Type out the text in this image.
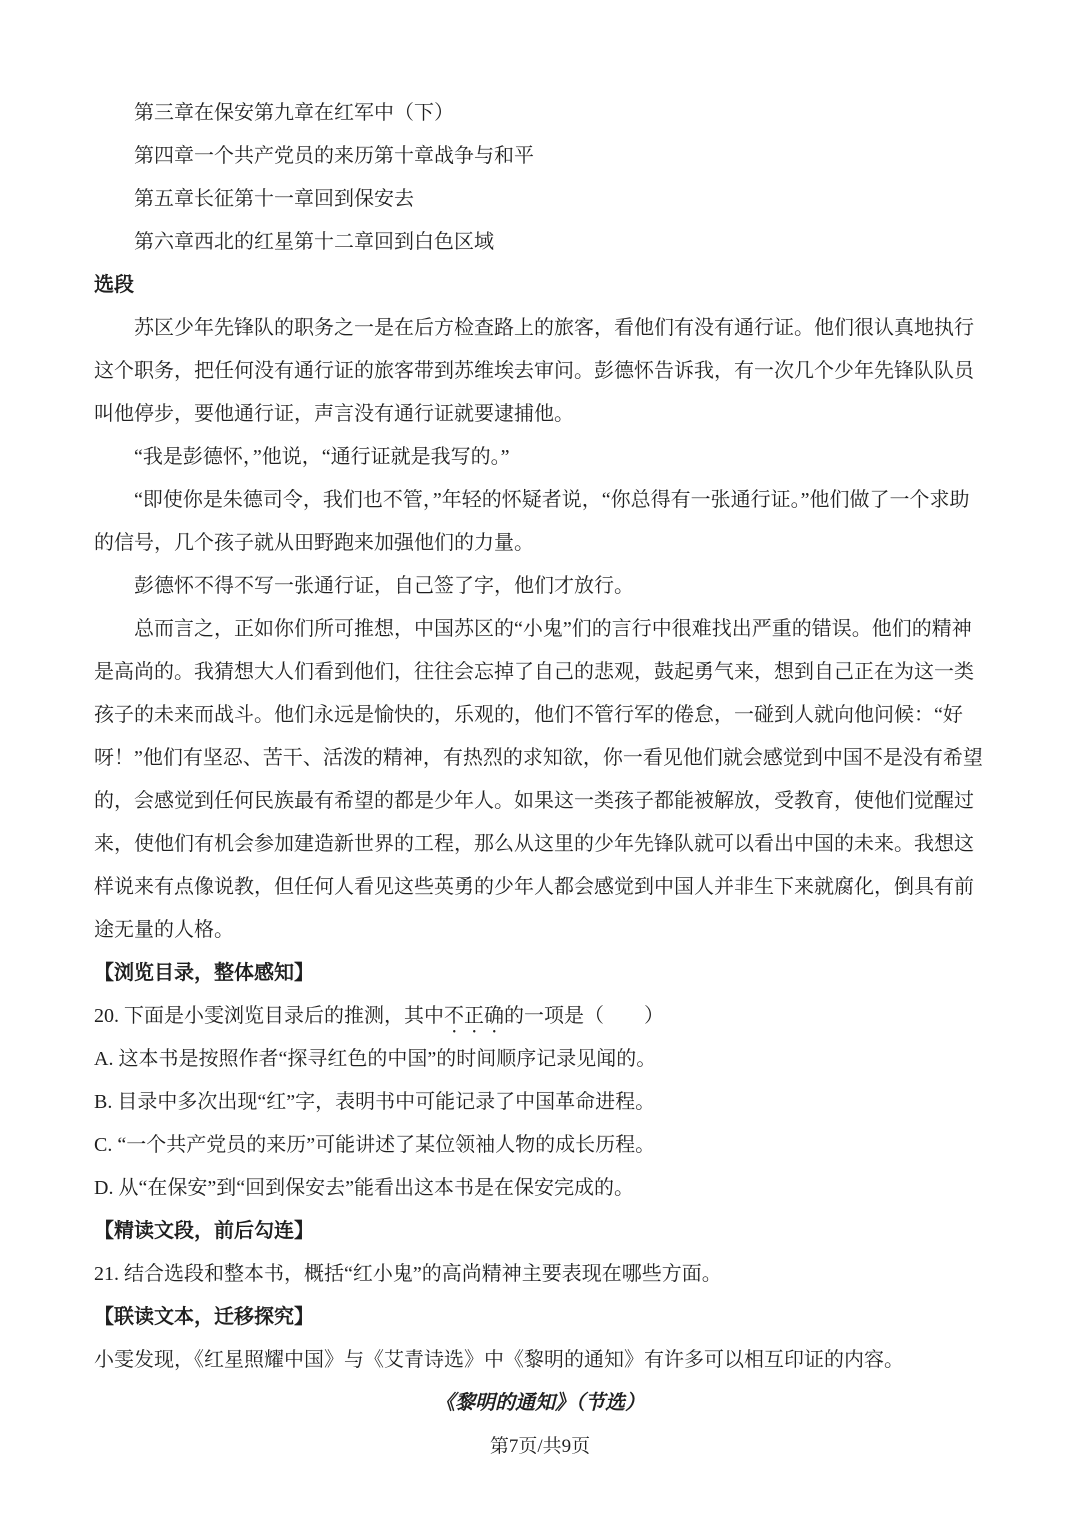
第三章在保安第九章在红军中（下）

第四章一个共产党员的来历第十章战争与和平

第五章长征第十一章回到保安去

第六章西北的红星第十二章回到白色区域

选段

苏区少年先锋队的职务之一是在后方检查路上的旅客，看他们有没有通行证。他们很认真地执行这个职务，把任何没有通行证的旅客带到苏维埃去审问。彭德怀告诉我，有一次几个少年先锋队队员叫他停步，要他通行证，声言没有通行证就要逮捕他。

“我是彭德怀，”他说，“通行证就是我写的。”

“即使你是朱德司令，我们也不管，”年轻的怀疑者说，“你总得有一张通行证。”他们做了一个求助的信号，几个孩子就从田野跑来加强他们的力量。

彭德怀不得不写一张通行证，自己签了字，他们才放行。

总而言之，正如你们所可推想，中国苏区的“小鬼”们的言行中很难找出严重的错误。他们的精神是高尚的。我猜想大人们看到他们，往往会忘掉了自己的悲观，鼓起勇气来，想到自己正在为这一类孩子的未来而战斗。他们永远是愉快的，乐观的，他们不管行军的倦怠，一碰到人就向他问候：“好呀！”他们有坚忍、苦干、活泼的精神，有热烈的求知欲，你一看见他们就会感觉到中国不是没有希望的，会感觉到任何民族最有希望的都是少年人。如果这一类孩子都能被解放，受教育，使他们觉醒过来，使他们有机会参加建造新世界的工程，那么从这里的少年先锋队就可以看出中国的未来。我想这样说来有点像说教，但任何人看见这些英勇的少年人都会感觉到中国人并非生下来就腐化，倒具有前途无量的人格。

【浏览目录，整体感知】

20. 下面是小雯浏览目录后的推测，其中不正确的一项是（　　）

A. 这本书是按照作者“探寻红色的中国”的时间顺序记录见闻的。

B. 目录中多次出现“红”字，表明书中可能记录了中国革命进程。

C. “一个共产党员的来历”可能讲述了某位领袖人物的成长历程。

D. 从“在保安”到“回到保安去”能看出这本书是在保安完成的。

【精读文段，前后勾连】

21. 结合选段和整本书，概括“红小鬼”的高尚精神主要表现在哪些方面。

【联读文本，迁移探究】

小雯发现，《红星照耀中国》与《艾青诗选》中《黎明的通知》有许多可以相互印证的内容。

《黎明的通知》（节选）

第7页/共9页
